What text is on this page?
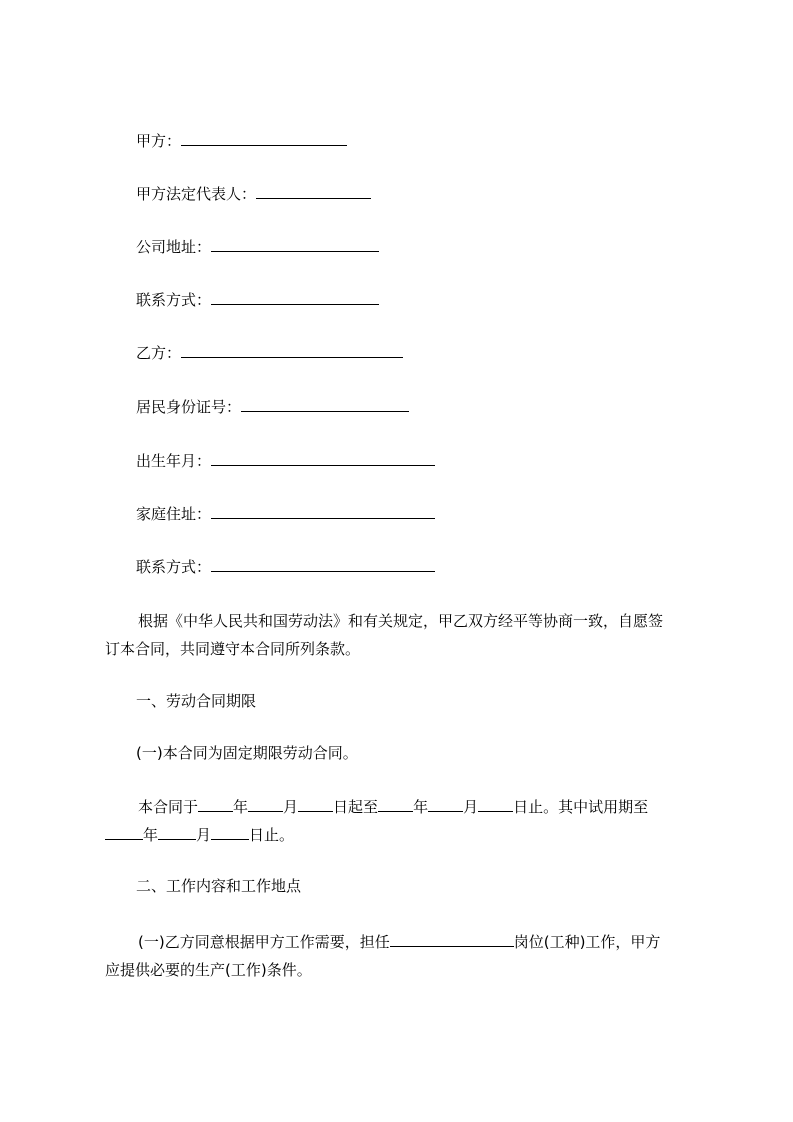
甲方：
甲方法定代表人：
公司地址：
联系方式：
乙方：
居民身份证号：
出生年月：
家庭住址：
联系方式：
根据《中华人民共和国劳动法》和有关规定，甲乙双方经平等协商一致，自愿签
订本合同，共同遵守本合同所列条款。
一、劳动合同期限
(一)本合同为固定期限劳动合同。
本合同于 年 月 日起至 年 月 日止。其中试用期至
年	月	日止。
二、工作内容和工作地点
(一)乙方同意根据甲方工作需要，担任	岗位(工种)工作，甲方
应提供必要的生产(工作)条件。
